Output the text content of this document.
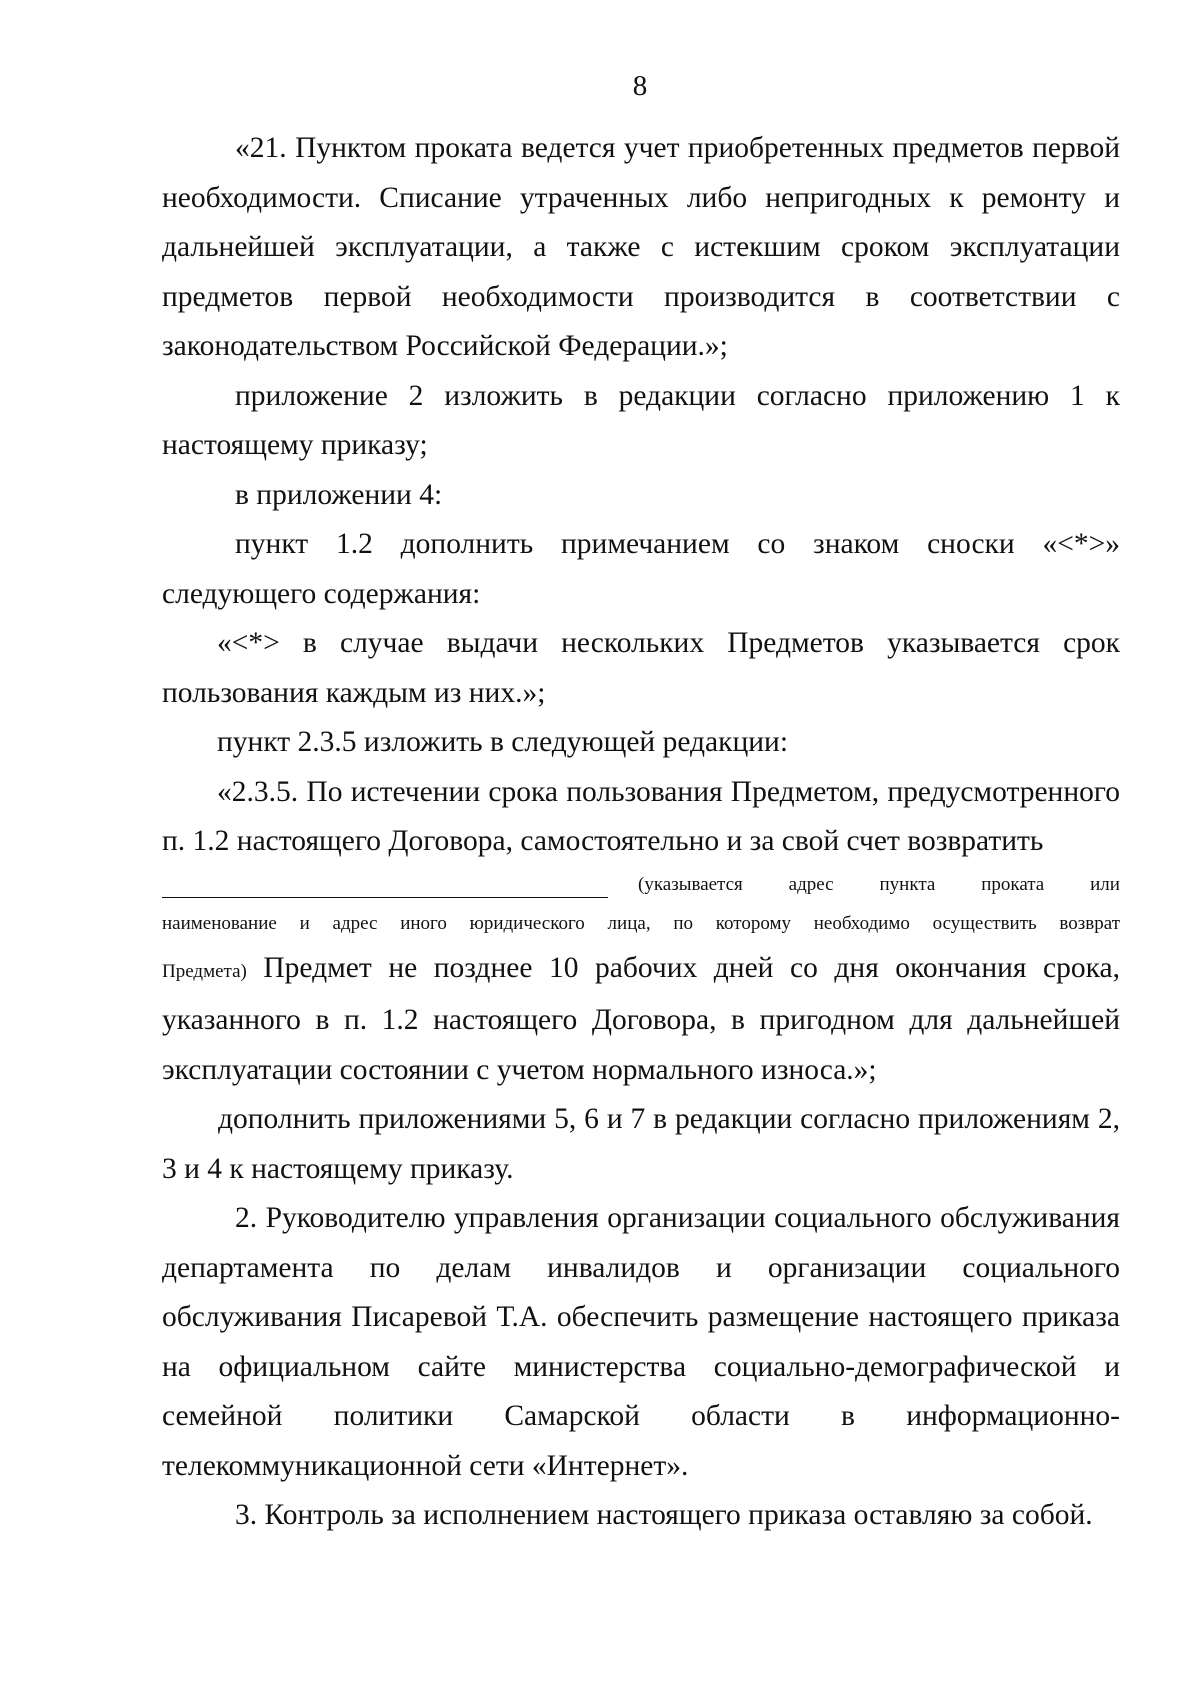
8

«21. Пунктом проката ведется учет приобретенных предметов первой необходимости. Списание утраченных либо непригодных к ремонту и дальнейшей эксплуатации, а также с истекшим сроком эксплуатации предметов первой необходимости производится в соответствии с законодательством Российской Федерации.»;

приложение 2 изложить в редакции согласно приложению 1 к настоящему приказу;

в приложении 4:

пункт 1.2 дополнить примечанием со знаком сноски «<*>» следующего содержания:

«<*> в случае выдачи нескольких Предметов указывается срок пользования каждым из них.»;

пункт 2.3.5 изложить в следующей редакции:

«2.3.5. По истечении срока пользования Предметом, предусмотренного п. 1.2 настоящего Договора, самостоятельно и за свой счет возвратить

(указывается адрес пункта проката или
наименование и адрес иного юридического лица, по которому необходимо осуществить возврат

Предмета) Предмет не позднее 10 рабочих дней со дня окончания срока, указанного в п. 1.2 настоящего Договора, в пригодном для дальнейшей эксплуатации состоянии с учетом нормального износа.»;

дополнить приложениями 5, 6 и 7 в редакции согласно приложениям 2, 3 и 4 к настоящему приказу.

2. Руководителю управления организации социального обслуживания департамента по делам инвалидов и организации социального обслуживания Писаревой Т.А. обеспечить размещение настоящего приказа на официальном сайте министерства социально-демографической и семейной политики Самарской области в информационно-телекоммуникационной сети «Интернет».

3. Контроль за исполнением настоящего приказа оставляю за собой.
